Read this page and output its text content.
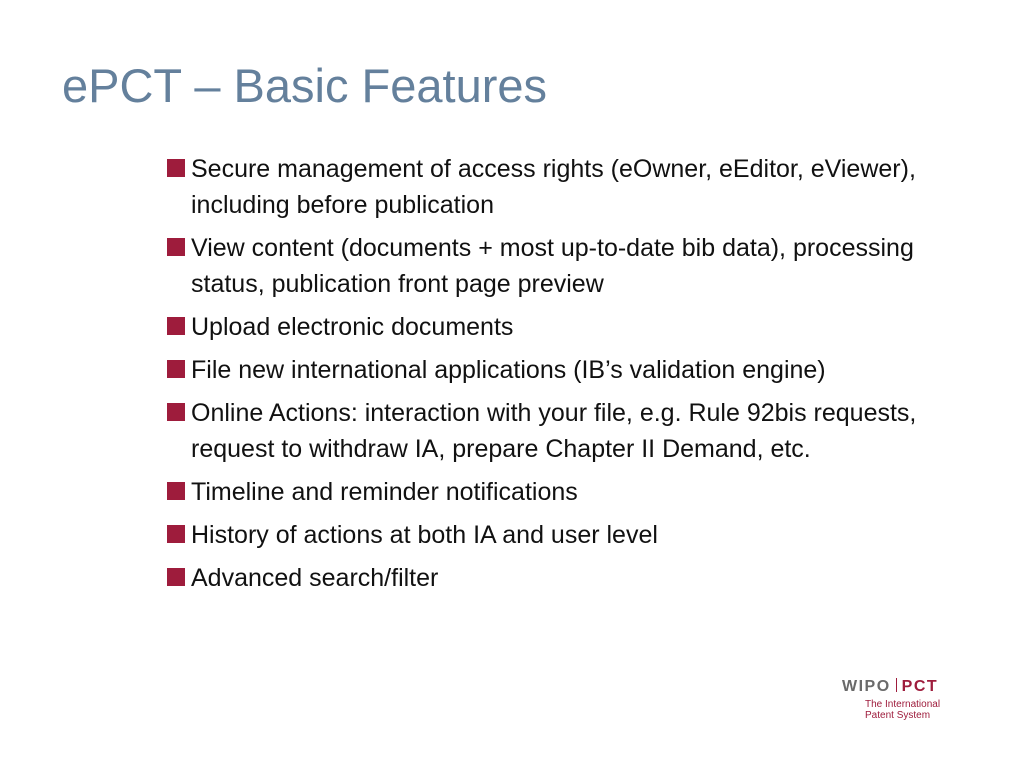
ePCT – Basic Features
Secure management of access rights (eOwner, eEditor, eViewer), including before publication
View content (documents + most up-to-date bib data), processing status, publication front page preview
Upload electronic documents
File new international applications (IB’s validation engine)
Online Actions: interaction with your file, e.g. Rule 92bis requests, request to withdraw IA, prepare Chapter II Demand, etc.
Timeline and reminder notifications
History of actions at both IA and user level
Advanced search/filter
WIPO PCT
The International
Patent System
